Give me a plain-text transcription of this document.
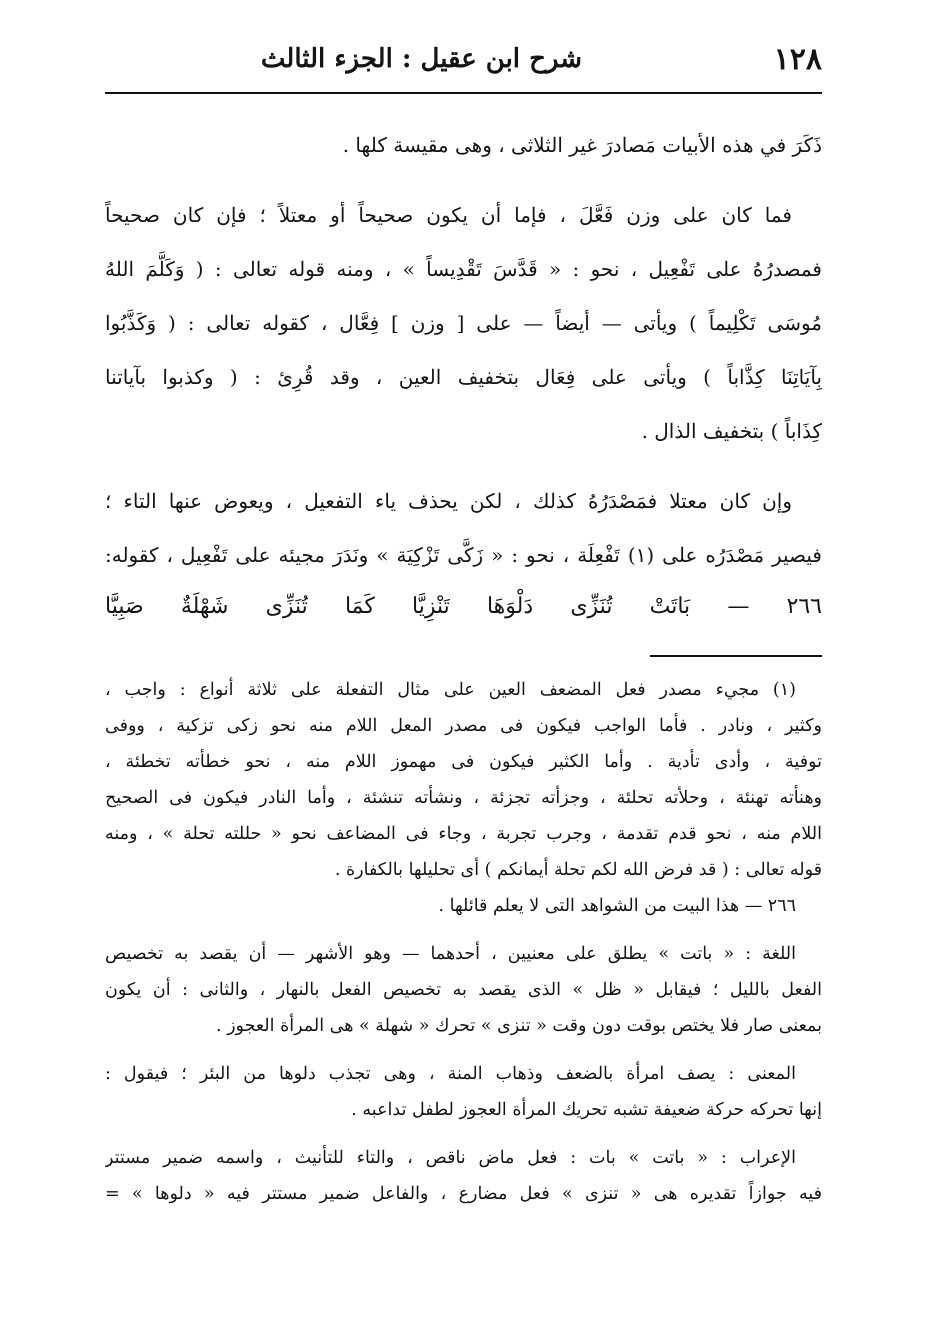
١٢٨
شرح ابن عقيل : الجزء الثالث
ذَكَرَ في هذه الأبيات مَصادرَ غير الثلاثى ، وهى مقيسة كلها .
فما كان على وزن فَعَّلَ ، فإما أن يكون صحيحاً أو معتلاً ؛ فإن كان صحيحاً
فمصدرُهُ على تَفْعِيل ، نحو : « قَدَّسَ تَقْدِيساً » ، ومنه قوله تعالى : ( وَكَلَّمَ اللهُ
مُوسَى تَكْلِيماً ) ويأتى — أيضاً — على [ وزن ] فِعَّال ، كقوله تعالى : ( وَكَذَّبُوا
بِآيَاتِنَا كِذَّاباً ) ويأتى على فِعَال بتخفيف العين ، وقد قُرِئ : ( وكذبوا بآياتنا
كِذَاباً ) بتخفيف الذال .
وإن كان معتلا فمَصْدَرُهُ كذلك ، لكن يحذف ياء التفعيل ، ويعوض عنها التاء ؛
فيصير مَصْدَرُه على (١) تَفْعِلَة ، نحو : « زَكَّى تَزْكِيَة » ونَدَرَ مجيئه على تَفْعِيل ، كقوله:
٢٦٦ — بَاتَتْ تُنَزِّى دَلْوَهَا تَنْزِيَّا كَمَا تُنَزِّى شَهْلَةٌ صَبِيَّا
(١) مجيء مصدر فعل المضعف العين على مثال التفعلة على ثلاثة أنواع : واجب ،
وكثير ، ونادر . فأما الواجب فيكون فى مصدر المعل اللام منه نحو زكى تزكية ، ووفى
توفية ، وأدى تأدية . وأما الكثير فيكون فى مهموز اللام منه ، نحو خطأته تخطئة ،
وهنأته تهنئة ، وحلأته تحلئة ، وجزأته تجزئة ، ونشأته تنشئة ، وأما النادر فيكون فى الصحيح
اللام منه ، نحو قدم تقدمة ، وجرب تجربة ، وجاء فى المضاعف نحو « حللته تحلة » ، ومنه
قوله تعالى : ( قد فرض الله لكم تحلة أيمانكم ) أى تحليلها بالكفارة .
٢٦٦ — هذا البيت من الشواهد التى لا يعلم قائلها .
اللغة : « باتت » يطلق على معنيين ، أحدهما — وهو الأشهر — أن يقصد به تخصيص
الفعل بالليل ؛ فيقابل « ظل » الذى يقصد به تخصيص الفعل بالنهار ، والثانى : أن يكون
بمعنى صار فلا يختص بوقت دون وقت « تنزى » تحرك « شهلة » هى المرأة العجوز .
المعنى : يصف امرأة بالضعف وذهاب المنة ، وهى تجذب دلوها من البئر ؛ فيقول :
إنها تحركه حركة ضعيفة تشبه تحريك المرأة العجوز لطفل تداعبه .
الإعراب : « باتت » بات : فعل ماض ناقص ، والتاء للتأنيث ، واسمه ضمير مستتر
فيه جوازاً تقديره هى « تنزى » فعل مضارع ، والفاعل ضمير مستتر فيه « دلوها » =
